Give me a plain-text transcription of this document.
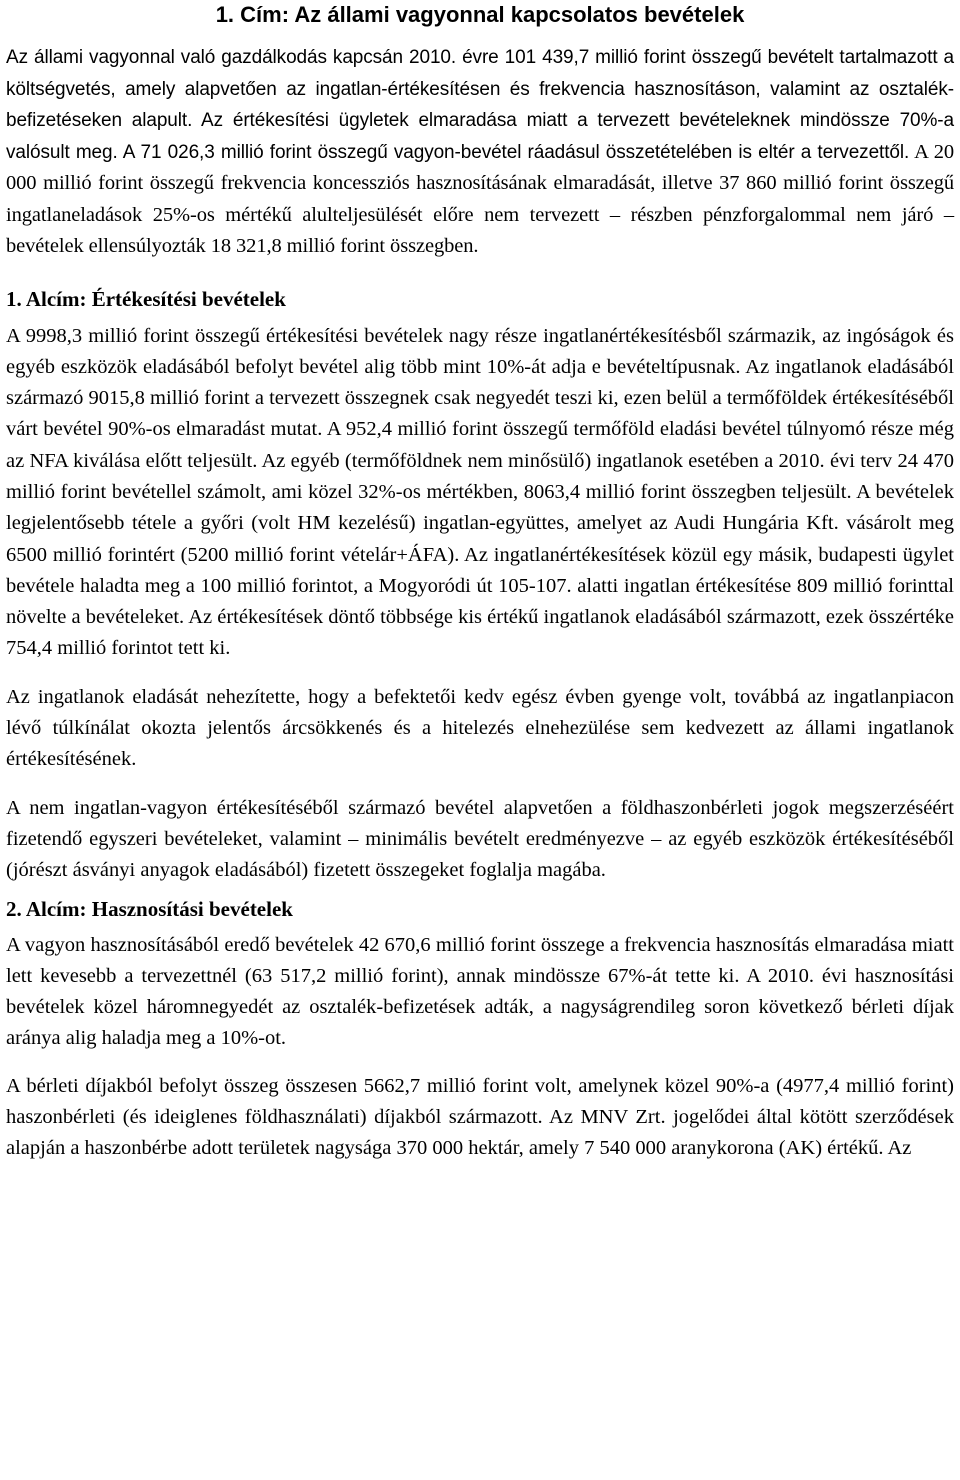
1. Cím: Az állami vagyonnal kapcsolatos bevételek

Az állami vagyonnal való gazdálkodás kapcsán 2010. évre 101 439,7 millió forint összegű bevételt tartalmazott a költségvetés, amely alapvetően az ingatlan-értékesítésen és frekvencia hasznosításon, valamint az osztalék-befizetéseken alapult. Az értékesítési ügyletek elmaradása miatt a tervezett bevételeknek mindössze 70%-a valósult meg. A 71 026,3 millió forint összegű vagyon-bevétel ráadásul összetételében is eltér a tervezettől. A 20 000 millió forint összegű frekvencia koncessziós hasznosításának elmaradását, illetve 37 860 millió forint összegű ingatlaneladások 25%-os mértékű alulteljesülését előre nem tervezett – részben pénzforgalommal nem járó – bevételek ellensúlyozták 18 321,8 millió forint összegben.

1. Alcím: Értékesítési bevételek

A 9998,3 millió forint összegű értékesítési bevételek nagy része ingatlanértékesítésből származik, az ingóságok és egyéb eszközök eladásából befolyt bevétel alig több mint 10%-át adja e bevételtípusnak. Az ingatlanok eladásából származó 9015,8 millió forint a tervezett összegnek csak negyedét teszi ki, ezen belül a termőföldek értékesítéséből várt bevétel 90%-os elmaradást mutat. A 952,4 millió forint összegű termőföld eladási bevétel túlnyomó része még az NFA kiválása előtt teljesült. Az egyéb (termőföldnek nem minősülő) ingatlanok esetében a 2010. évi terv 24 470 millió forint bevétellel számolt, ami közel 32%-os mértékben, 8063,4 millió forint összegben teljesült. A bevételek legjelentősebb tétele a győri (volt HM kezelésű) ingatlan-együttes, amelyet az Audi Hungária Kft. vásárolt meg 6500 millió forintért (5200 millió forint vételár+ÁFA). Az ingatlanértékesítések közül egy másik, budapesti ügylet bevétele haladta meg a 100 millió forintot, a Mogyoródi út 105-107. alatti ingatlan értékesítése 809 millió forinttal növelte a bevételeket. Az értékesítések döntő többsége kis értékű ingatlanok eladásából származott, ezek összértéke 754,4 millió forintot tett ki.

Az ingatlanok eladását nehezítette, hogy a befektetői kedv egész évben gyenge volt, továbbá az ingatlanpiacon lévő túlkínálat okozta jelentős árcsökkenés és a hitelezés elnehezülése sem kedvezett az állami ingatlanok értékesítésének.

A nem ingatlan-vagyon értékesítéséből származó bevétel alapvetően a földhaszonbérleti jogok megszerzéséért fizetendő egyszeri bevételeket, valamint – minimális bevételt eredményezve – az egyéb eszközök értékesítéséből (jórészt ásványi anyagok eladásából) fizetett összegeket foglalja magába.

2. Alcím: Hasznosítási bevételek

A vagyon hasznosításából eredő bevételek 42 670,6 millió forint összege a frekvencia hasznosítás elmaradása miatt lett kevesebb a tervezettnél (63 517,2 millió forint), annak mindössze 67%-át tette ki. A 2010. évi hasznosítási bevételek közel háromnegyedét az osztalék-befizetések adták, a nagyságrendileg soron következő bérleti díjak aránya alig haladja meg a 10%-ot.

A bérleti díjakból befolyt összeg összesen 5662,7 millió forint volt, amelynek közel 90%-a (4977,4 millió forint) haszonbérleti (és ideiglenes földhasználati) díjakból származott. Az MNV Zrt. jogelődei által kötött szerződések alapján a haszonbérbe adott területek nagysága 370 000 hektár, amely 7 540 000 aranykorona (AK) értékű. Az
